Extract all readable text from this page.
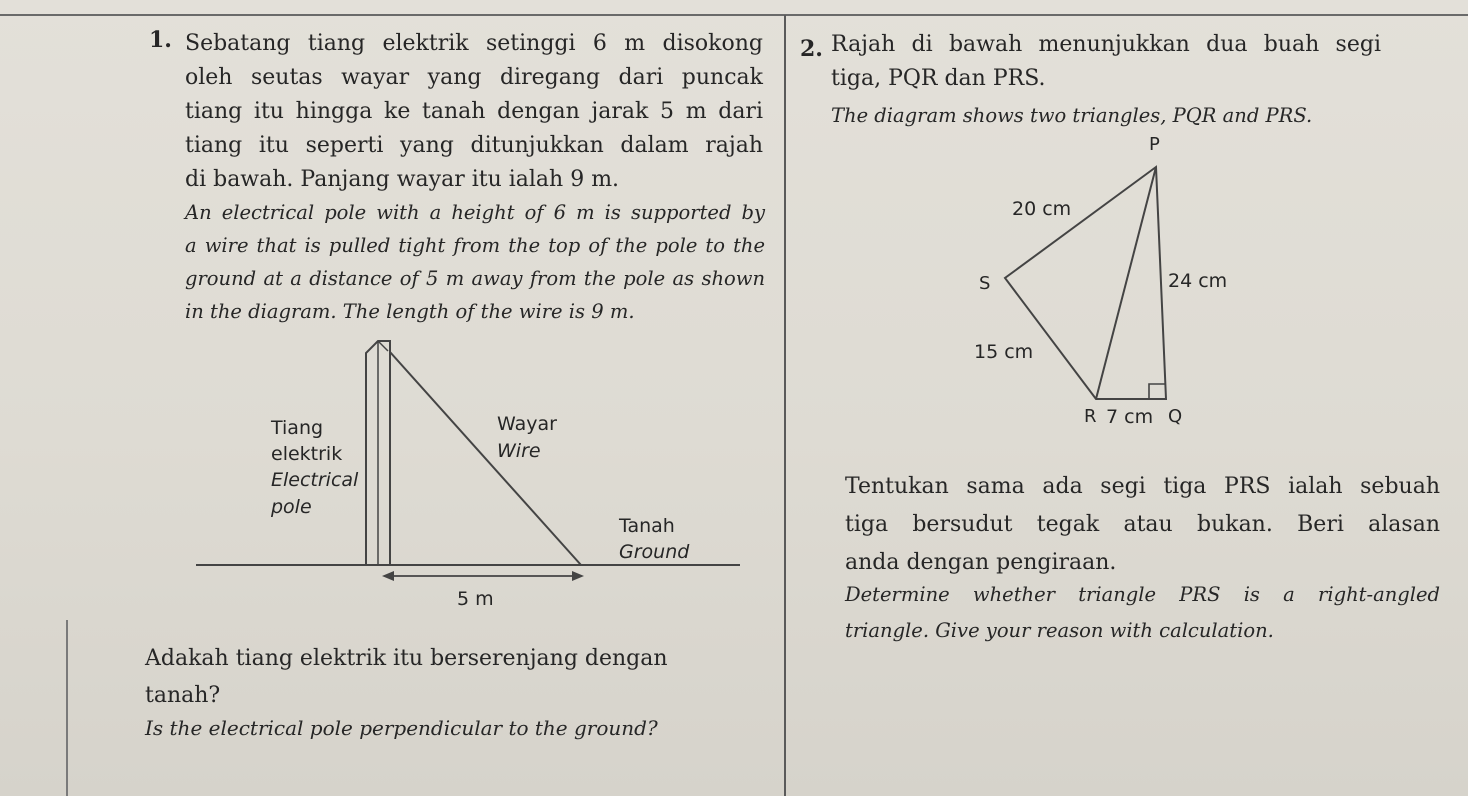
1. Sebatang tiang elektrik setinggi 6 m disokong
oleh seutas wayar yang diregang dari puncak
tiang itu hingga ke tanah dengan jarak 5 m dari
tiang itu seperti yang ditunjukkan dalam rajah
di bawah. Panjang wayar itu ialah 9 m.
An electrical pole with a height of 6 m is supported by
a wire that is pulled tight from the top of the pole to the
ground at a distance of 5 m away from the pole as shown
in the diagram. The length of the wire is 9 m.
Tiang
elektrik
Electrical
pole
Wayar
Wire
Tanah
Ground
5 m
Adakah tiang elektrik itu berserenjang dengan
tanah?
Is the electrical pole perpendicular to the ground?
2. Rajah di bawah menunjukkan dua buah segi
tiga, PQR dan PRS.
The diagram shows two triangles, PQR and PRS.
P
S
R	Q
20 cm
24 cm
15 cm
7 cm
Tentukan sama ada segi tiga PRS ialah sebuah
tiga bersudut tegak atau bukan. Beri alasan
anda dengan pengiraan.
Determine whether triangle PRS is a right-angled
triangle. Give your reason with calculation.
